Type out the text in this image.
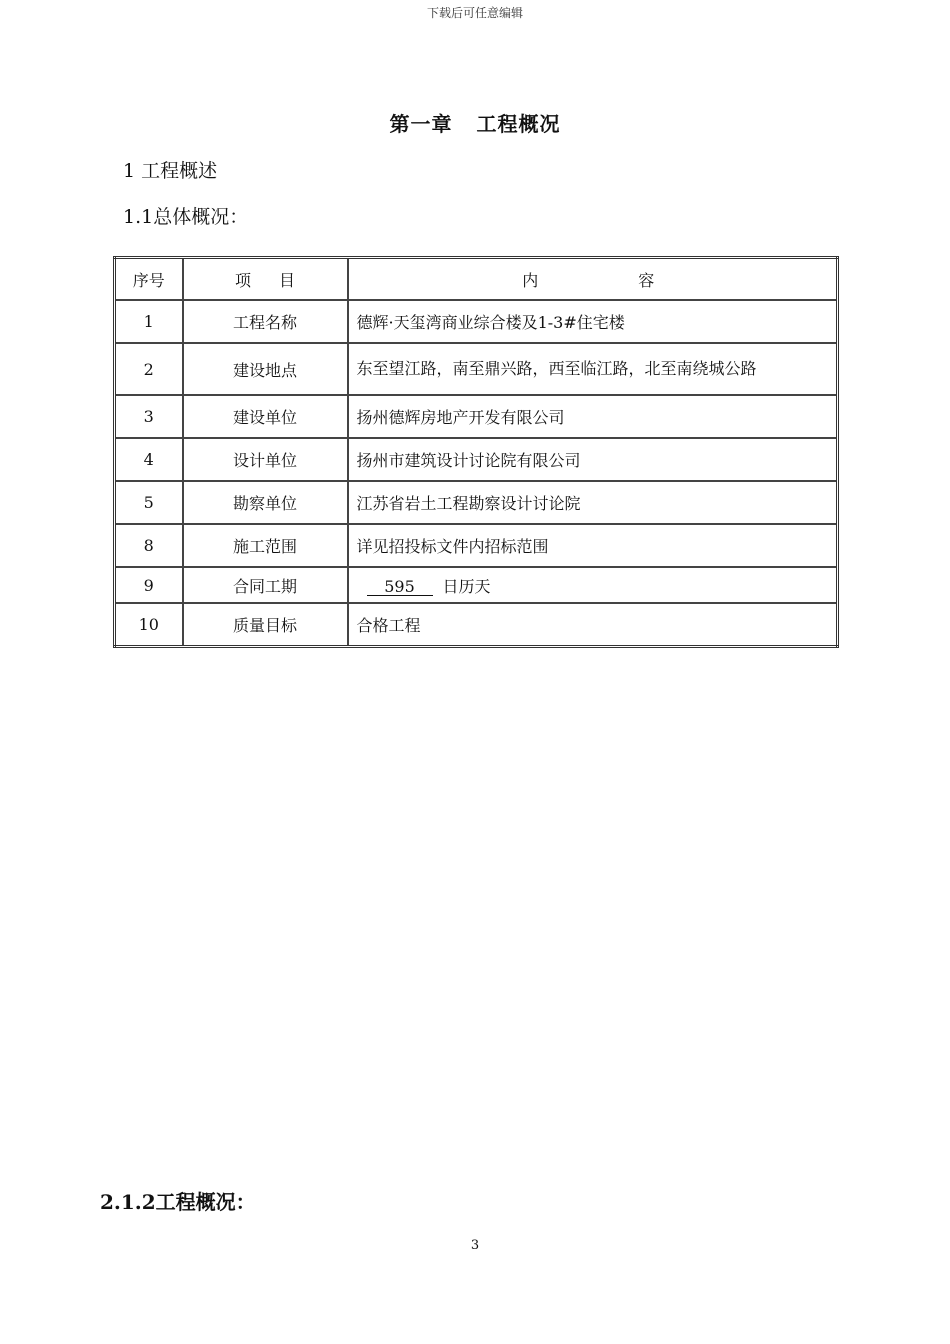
下载后可任意编辑
第一章 工程概况
1 工程概述
1.1总体概况：
序号	项目	内容
1	工程名称	德辉·天玺湾商业综合楼及1-3#住宅楼
2	建设地点	东至望江路，南至鼎兴路，西至临江路，北至南绕城公路
3	建设单位	扬州德辉房地产开发有限公司
4	设计单位	扬州市建筑设计讨论院有限公司
5	勘察单位	江苏省岩土工程勘察设计讨论院
8	施工范围	详见招投标文件内招标范围
9	合同工期	595 日历天
10	质量目标	合格工程
2.1.2工程概况：
3
